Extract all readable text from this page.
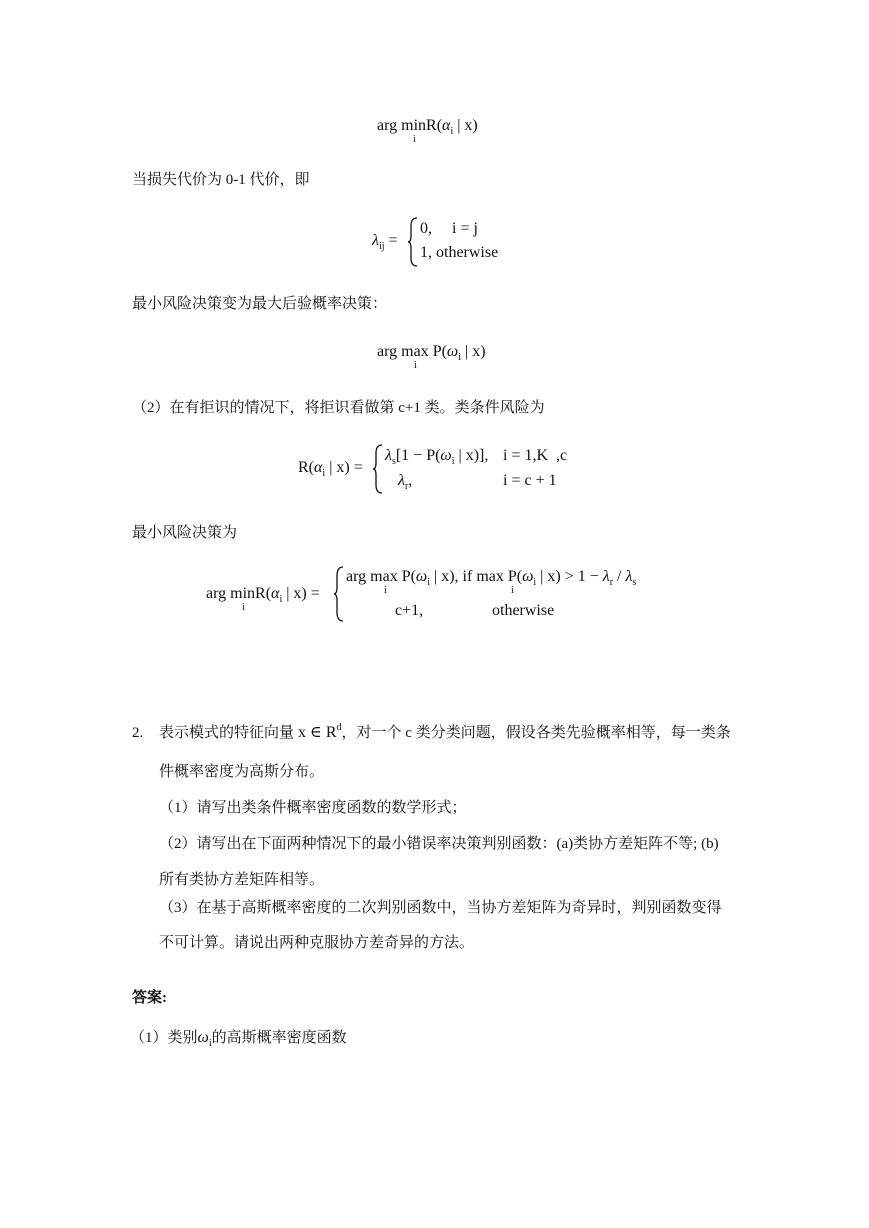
arg $\min R(\alpha_i$ | x)
i
当损失代价为 0-1 代价，即
$\lambda_{ij}$ =
0,     i = j
1, otherwise
最小风险决策变为最大后验概率决策：
arg $\max P(\omega_i$ | x)
i
（2）在有拒识的情况下，将拒识看做第 c+1 类。类条件风险为
$R(\alpha_i$ | x) =
$\lambda_s[1 - P(\omega_i$ | x)], i = 1,K  ,c
$\lambda_r$,	i = c + 1
最小风险决策为
arg $\min R(\alpha_i$ | x) =
i
arg $\max P(\omega_i$ | x), if $\max P(\omega_i$ | $x) > 1 - \lambda_r / \lambda_s$
i	i
c+1,	otherwise
2. 表示模式的特征向量 x ∈ $R^d$，对一个 c 类分类问题，假设各类先验概率相等，每一类条
件概率密度为高斯分布。
（1）请写出类条件概率密度函数的数学形式；
（2）请写出在下面两种情况下的最小错误率决策判别函数：(a)类协方差矩阵不等; (b)
所有类协方差矩阵相等。
（3）在基于高斯概率密度的二次判别函数中，当协方差矩阵为奇异时，判别函数变得
不可计算。请说出两种克服协方差奇异的方法。
答案:
（1）类别$\omega_i$的高斯概率密度函数
